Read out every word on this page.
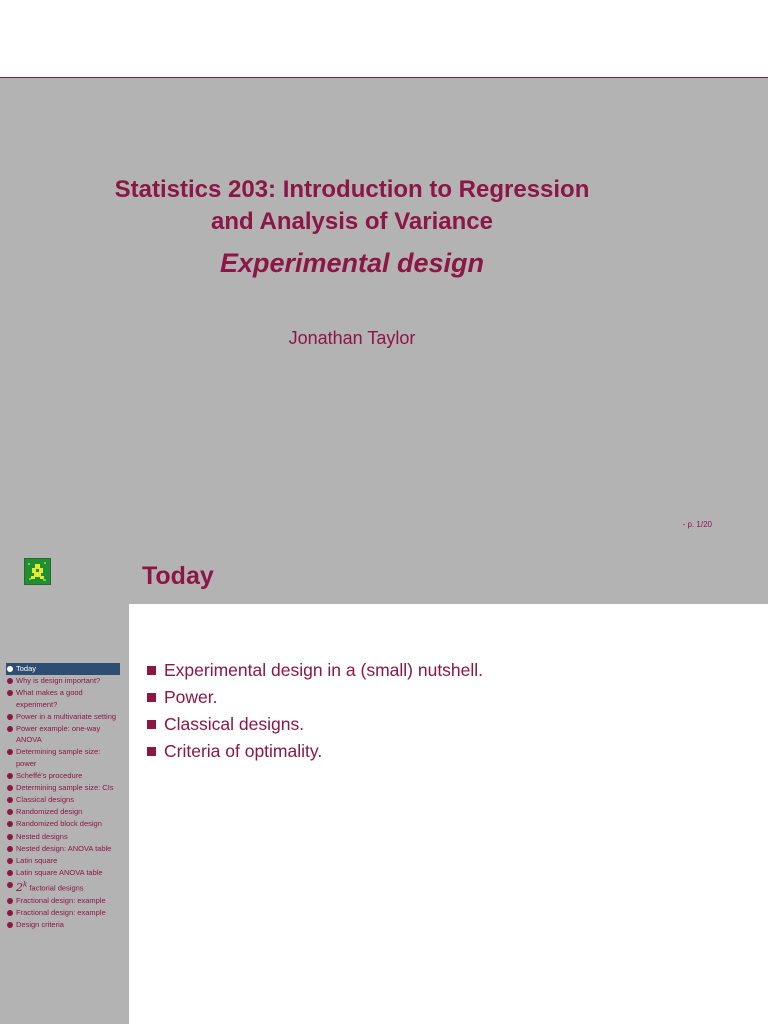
Statistics 203: Introduction to Regression
and Analysis of Variance
Experimental design
Jonathan Taylor
- p. 1/20
Today
Why is design important?
What makes a good experiment?
Power in a multivariate setting
Power example: one-way ANOVA
Determining sample size: power
Scheffé's procedure
Determining sample size: CIs
Classical designs
Randomized design
Randomized block design
Nested designs
Nested design: ANOVA table
Latin square
Latin square ANOVA table
2$^k$ factorial designs
Fractional design: example
Fractional design: example
Design criteria
Today
Experimental design in a (small) nutshell.
Power.
Classical designs.
Criteria of optimality.
